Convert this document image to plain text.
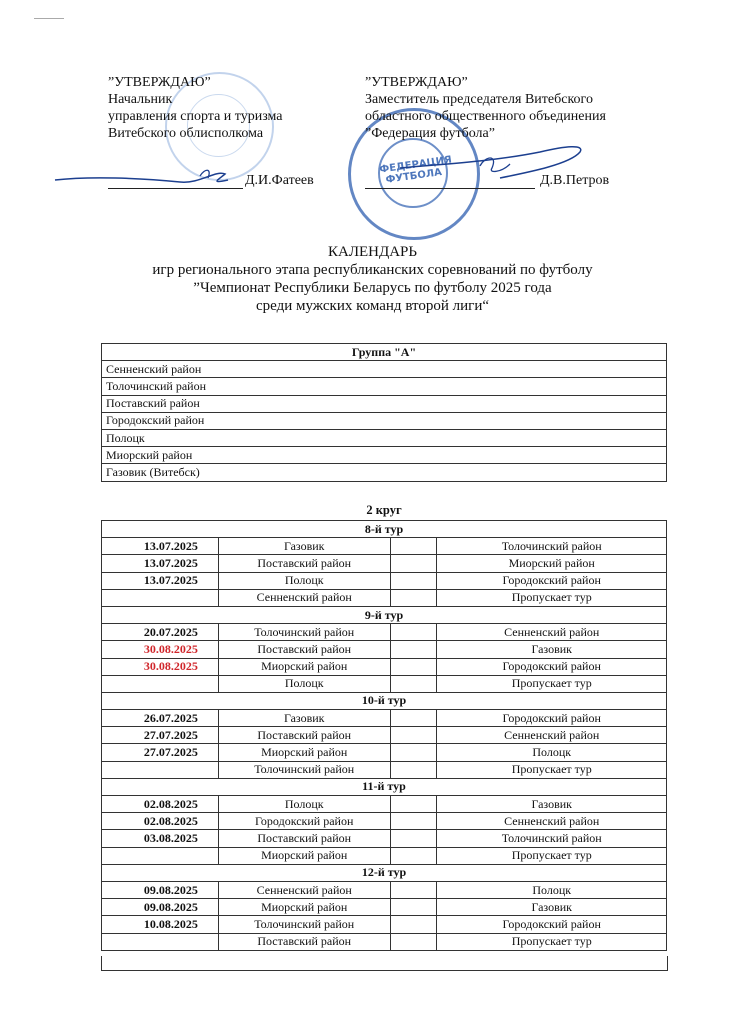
ФЕДЕРАЦИЯ ФУТБОЛА
”УТВЕРЖДАЮ”
Начальник
управления спорта и туризма
Витебского облисполкома
Д.И.Фатеев
”УТВЕРЖДАЮ”
Заместитель председателя Витебского
областного общественного объединения
”Федерация футбола”
Д.В.Петров
КАЛЕНДАРЬ
игр регионального этапа республиканских соревнований по футболу
”Чемпионат Республики Беларусь по футболу 2025 года
среди мужских команд второй лиги“
Группа "А"
Сенненский район
Толочинский район
Поставский район
Городокский район
Полоцк
Миорский район
Газовик (Витебск)
2 круг
8-й тур			
13.07.2025	Газовик		Толочинский район
13.07.2025	Поставский район		Миорский район
13.07.2025	Полоцк		Городокский район
	Сенненский район		Пропускает тур
9-й тур			
20.07.2025	Толочинский район		Сенненский район
30.08.2025	Поставский район		Газовик
30.08.2025	Миорский район		Городокский район
	Полоцк		Пропускает тур
10-й тур			
26.07.2025	Газовик		Городокский район
27.07.2025	Поставский район		Сенненский район
27.07.2025	Миорский район		Полоцк
	Толочинский район		Пропускает тур
11-й тур			
02.08.2025	Полоцк		Газовик
02.08.2025	Городокский район		Сенненский район
03.08.2025	Поставский район		Толочинский район
	Миорский район		Пропускает тур
12-й тур			
09.08.2025	Сенненский район		Полоцк
09.08.2025	Миорский район		Газовик
10.08.2025	Толочинский район		Городокский район
	Поставский район		Пропускает тур
